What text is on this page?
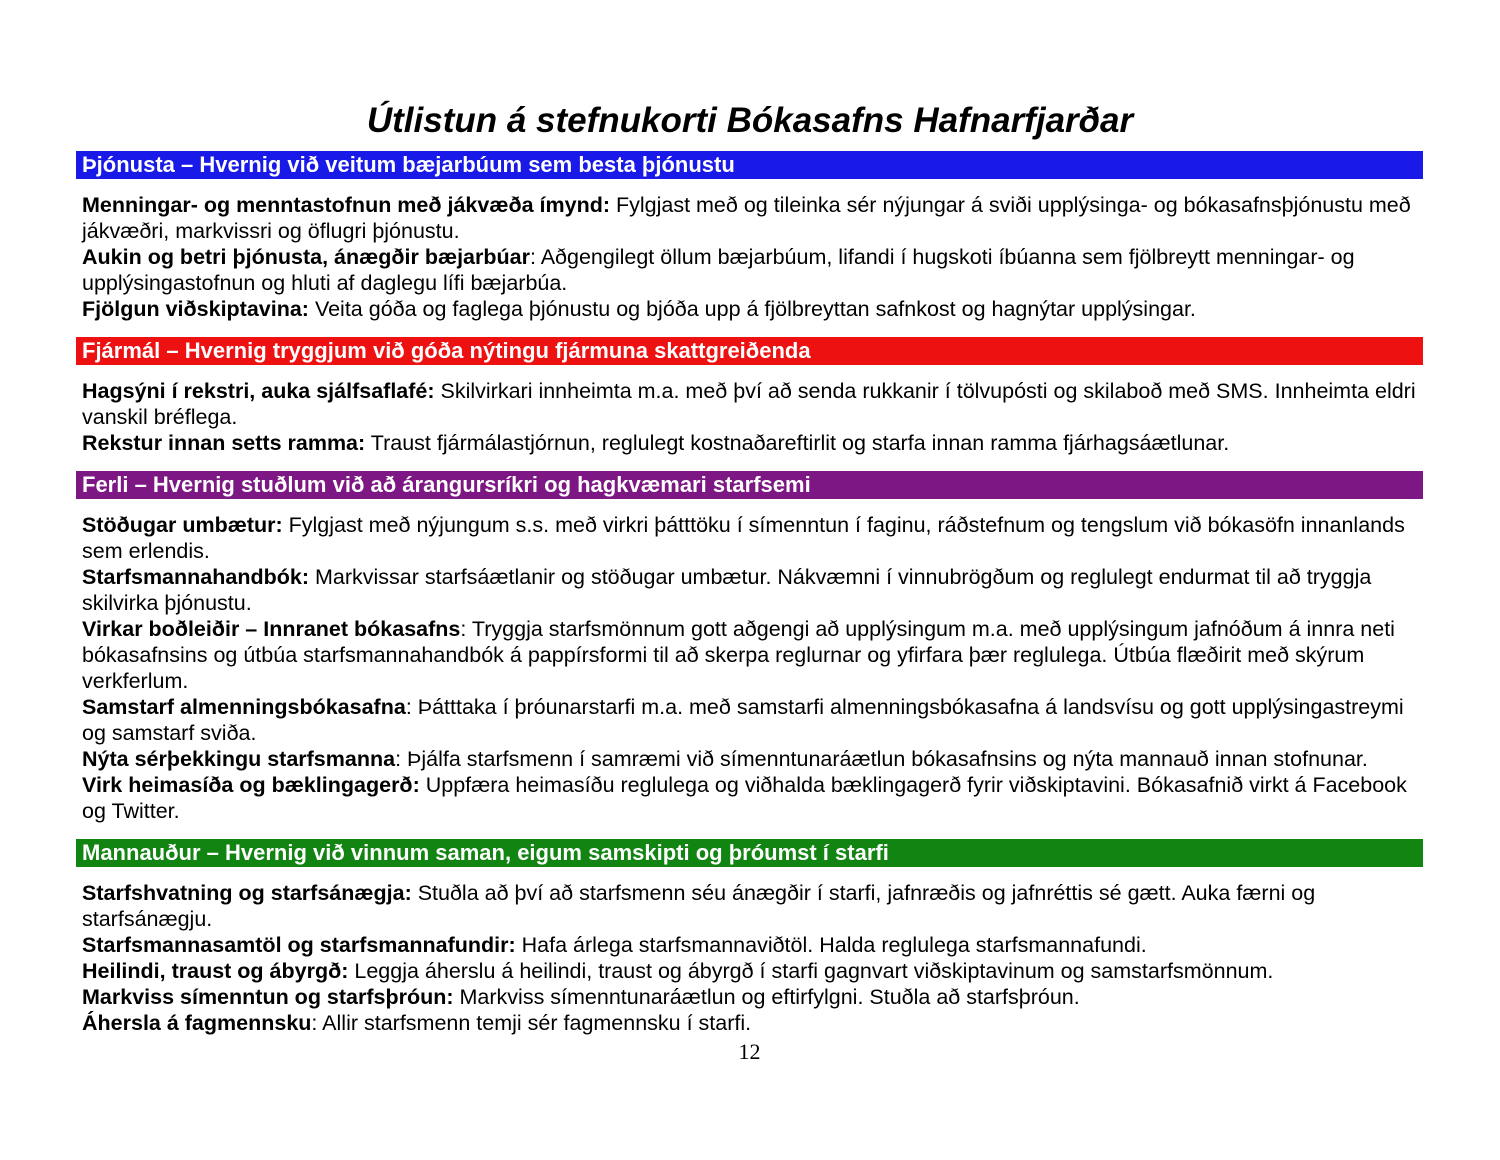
Útlistun á stefnukorti Bókasafns Hafnarfjarðar
Þjónusta – Hvernig við veitum bæjarbúum sem besta þjónustu

Menningar- og menntastofnun með jákvæða ímynd: Fylgjast með og tileinka sér nýjungar á sviði upplýsinga- og bókasafnsþjónustu með jákvæðri, markvissri og öflugri þjónustu.

Aukin og betri þjónusta, ánægðir bæjarbúar: Aðgengilegt öllum bæjarbúum, lifandi í hugskoti íbúanna sem fjölbreytt menningar- og upplýsingastofnun og hluti af daglegu lífi bæjarbúa.

Fjölgun viðskiptavina: Veita góða og faglega þjónustu og bjóða upp á fjölbreyttan safnkost og hagnýtar upplýsingar.

Fjármál – Hvernig tryggjum við góða nýtingu fjármuna skattgreiðenda

Hagsýni í rekstri, auka sjálfsaflafé: Skilvirkari innheimta m.a. með því að senda rukkanir í tölvupósti og skilaboð með SMS. Innheimta eldri vanskil bréflega.

Rekstur innan setts ramma: Traust fjármálastjórnun, reglulegt kostnaðareftirlit og starfa innan ramma fjárhagsáætlunar.

Ferli – Hvernig stuðlum við að árangursríkri og hagkvæmari starfsemi

Stöðugar umbætur: Fylgjast með nýjungum s.s. með virkri þátttöku í símenntun í faginu, ráðstefnum og tengslum við bókasöfn innanlands sem erlendis.

Starfsmannahandbók: Markvissar starfsáætlanir og stöðugar umbætur. Nákvæmni í vinnubrögðum og reglulegt endurmat til að tryggja skilvirka þjónustu.

Virkar boðleiðir – Innranet bókasafns: Tryggja starfsmönnum gott aðgengi að upplýsingum m.a. með upplýsingum jafnóðum á innra neti bókasafnsins og útbúa starfsmannahandbók á pappírsformi til að skerpa reglurnar og yfirfara þær reglulega. Útbúa flæðirit með skýrum verkferlum.

Samstarf almenningsbókasafna: Þátttaka í þróunarstarfi m.a. með samstarfi almenningsbókasafna á landsvísu og gott upplýsingastreymi og samstarf sviða.

Nýta sérþekkingu starfsmanna: Þjálfa starfsmenn í samræmi við símenntunaráætlun bókasafnsins og nýta mannauð innan stofnunar.

Virk heimasíða og bæklingagerð: Uppfæra heimasíðu reglulega og viðhalda bæklingagerð fyrir viðskiptavini. Bókasafnið virkt á Facebook og Twitter.

Mannauður – Hvernig við vinnum saman, eigum samskipti og þróumst í starfi

Starfshvatning og starfsánægja: Stuðla að því að starfsmenn séu ánægðir í starfi, jafnræðis og jafnréttis sé gætt. Auka færni og starfsánægju.

Starfsmannasamtöl og starfsmannafundir: Hafa árlega starfsmannaviðtöl. Halda reglulega starfsmannafundi.

Heilindi, traust og ábyrgð: Leggja áherslu á heilindi, traust og ábyrgð í starfi gagnvart viðskiptavinum og samstarfsmönnum.

Markviss símenntun og starfsþróun: Markviss símenntunaráætlun og eftirfylgni. Stuðla að starfsþróun.

Áhersla á fagmennsku: Allir starfsmenn temji sér fagmennsku í starfi.

12
